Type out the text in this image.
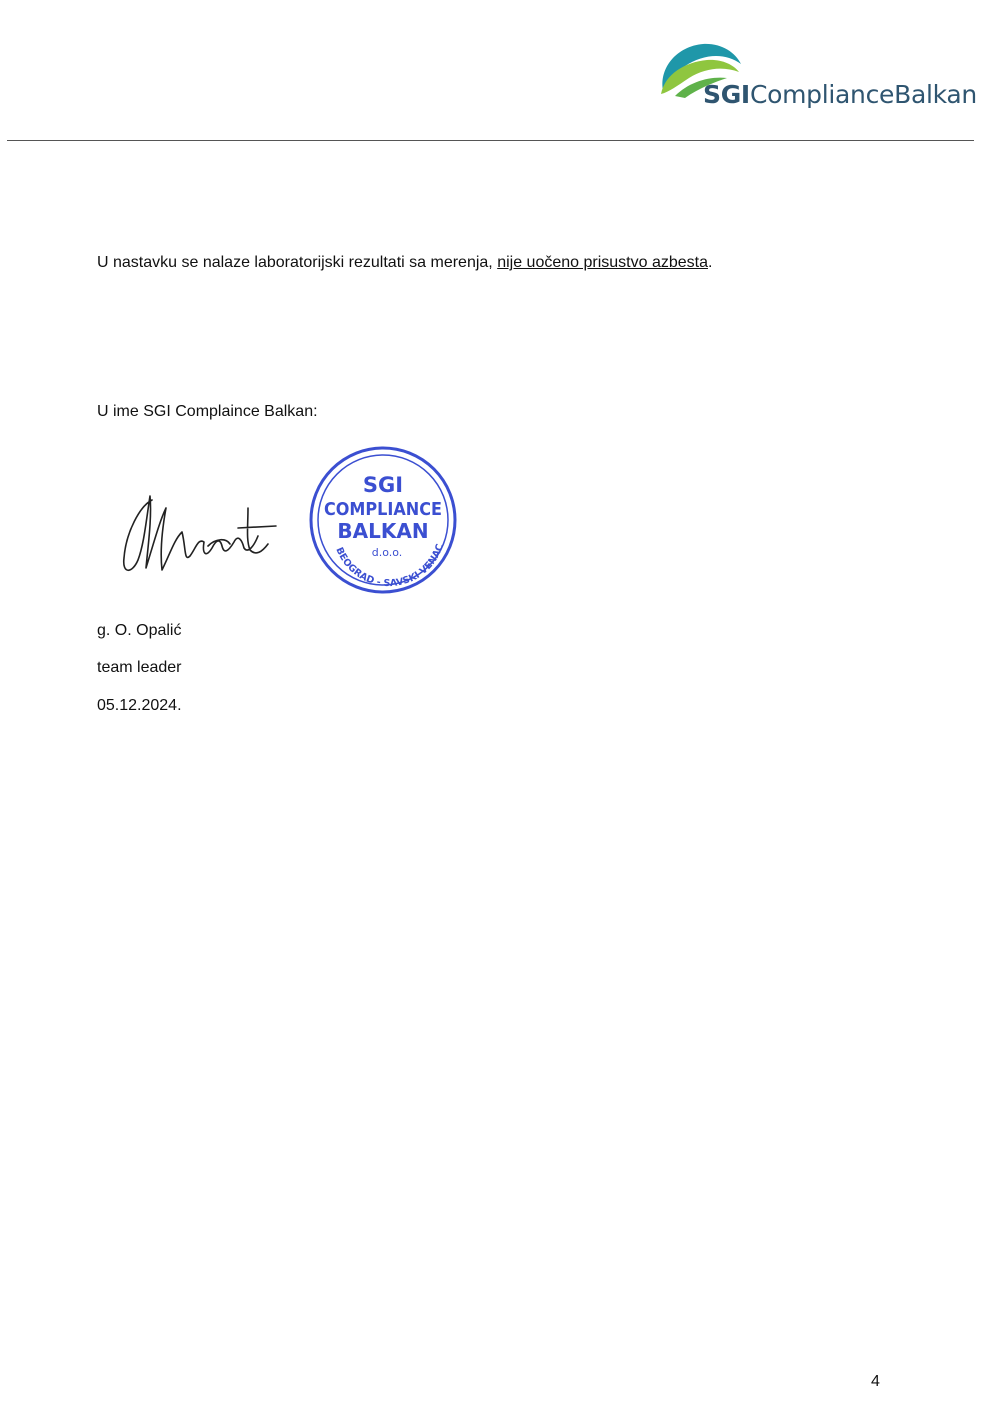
SGIComplianceBalkan
U nastavku se nalaze laboratorijski rezultati sa merenja, nije uočeno prisustvo azbesta.
U ime SGI Complaince Balkan:
SGI
COMPLIANCE
BALKAN
d.o.o.
BEOGRAD - SAVSKI VENAC
g. O. Opalić
team leader
05.12.2024.
4
